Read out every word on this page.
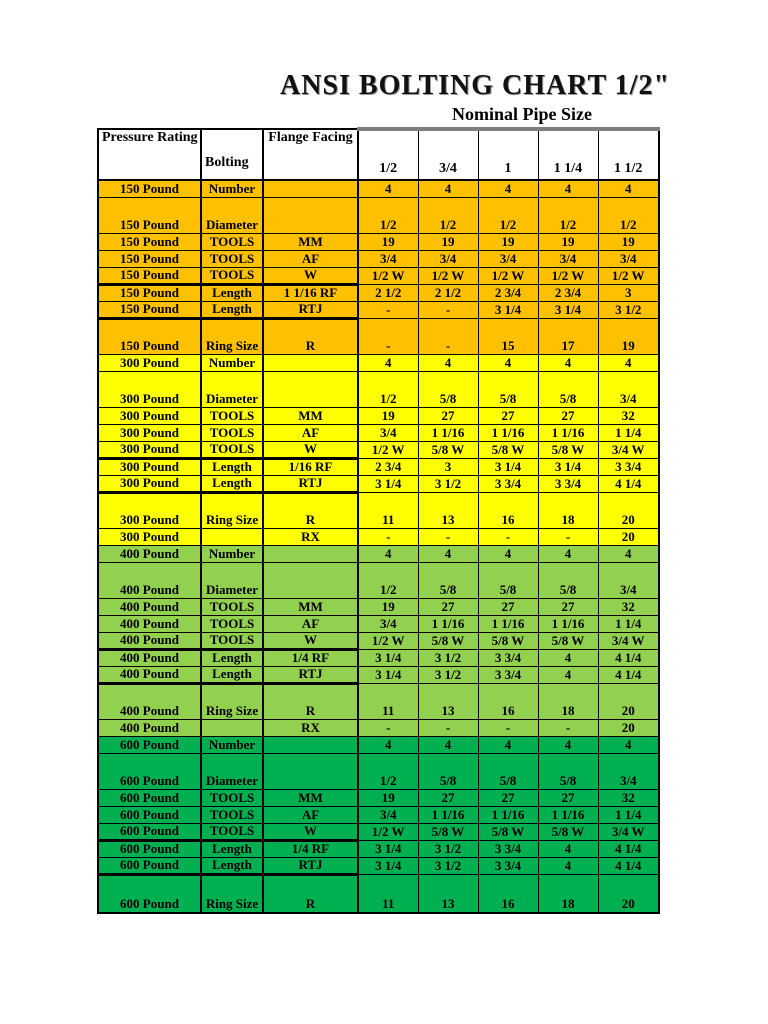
ANSI BOLTING CHART 1/2"
Nominal Pipe Size
Pressure Rating	Bolting	Flange Facing	1/2	3/4	1	1 1/4	1 1/2
150 Pound	Number		4	4	4	4	4
150 Pound	Diameter		1/2	1/2	1/2	1/2	1/2
150 Pound	TOOLS	MM	19	19	19	19	19
150 Pound	TOOLS	AF	3/4	3/4	3/4	3/4	3/4
150 Pound	TOOLS	W	1/2 W	1/2 W	1/2 W	1/2 W	1/2 W
150 Pound	Length	1 1/16 RF	2 1/2	2 1/2	2 3/4	2 3/4	3
150 Pound	Length	RTJ	-	-	3 1/4	3 1/4	3 1/2
150 Pound	Ring Size	R	-	-	15	17	19
300 Pound	Number		4	4	4	4	4
300 Pound	Diameter		1/2	5/8	5/8	5/8	3/4
300 Pound	TOOLS	MM	19	27	27	27	32
300 Pound	TOOLS	AF	3/4	1 1/16	1 1/16	1 1/16	1 1/4
300 Pound	TOOLS	W	1/2 W	5/8 W	5/8 W	5/8 W	3/4 W
300 Pound	Length	1/16 RF	2 3/4	3	3 1/4	3 1/4	3 3/4
300 Pound	Length	RTJ	3 1/4	3 1/2	3 3/4	3 3/4	4 1/4
300 Pound	Ring Size	R	11	13	16	18	20
300 Pound		RX	-	-	-	-	20
400 Pound	Number		4	4	4	4	4
400 Pound	Diameter		1/2	5/8	5/8	5/8	3/4
400 Pound	TOOLS	MM	19	27	27	27	32
400 Pound	TOOLS	AF	3/4	1 1/16	1 1/16	1 1/16	1 1/4
400 Pound	TOOLS	W	1/2 W	5/8 W	5/8 W	5/8 W	3/4 W
400 Pound	Length	1/4 RF	3 1/4	3 1/2	3 3/4	4	4 1/4
400 Pound	Length	RTJ	3 1/4	3 1/2	3 3/4	4	4 1/4
400 Pound	Ring Size	R	11	13	16	18	20
400 Pound		RX	-	-	-	-	20
600 Pound	Number		4	4	4	4	4
600 Pound	Diameter		1/2	5/8	5/8	5/8	3/4
600 Pound	TOOLS	MM	19	27	27	27	32
600 Pound	TOOLS	AF	3/4	1 1/16	1 1/16	1 1/16	1 1/4
600 Pound	TOOLS	W	1/2 W	5/8 W	5/8 W	5/8 W	3/4 W
600 Pound	Length	1/4 RF	3 1/4	3 1/2	3 3/4	4	4 1/4
600 Pound	Length	RTJ	3 1/4	3 1/2	3 3/4	4	4 1/4
600 Pound	Ring Size	R	11	13	16	18	20
